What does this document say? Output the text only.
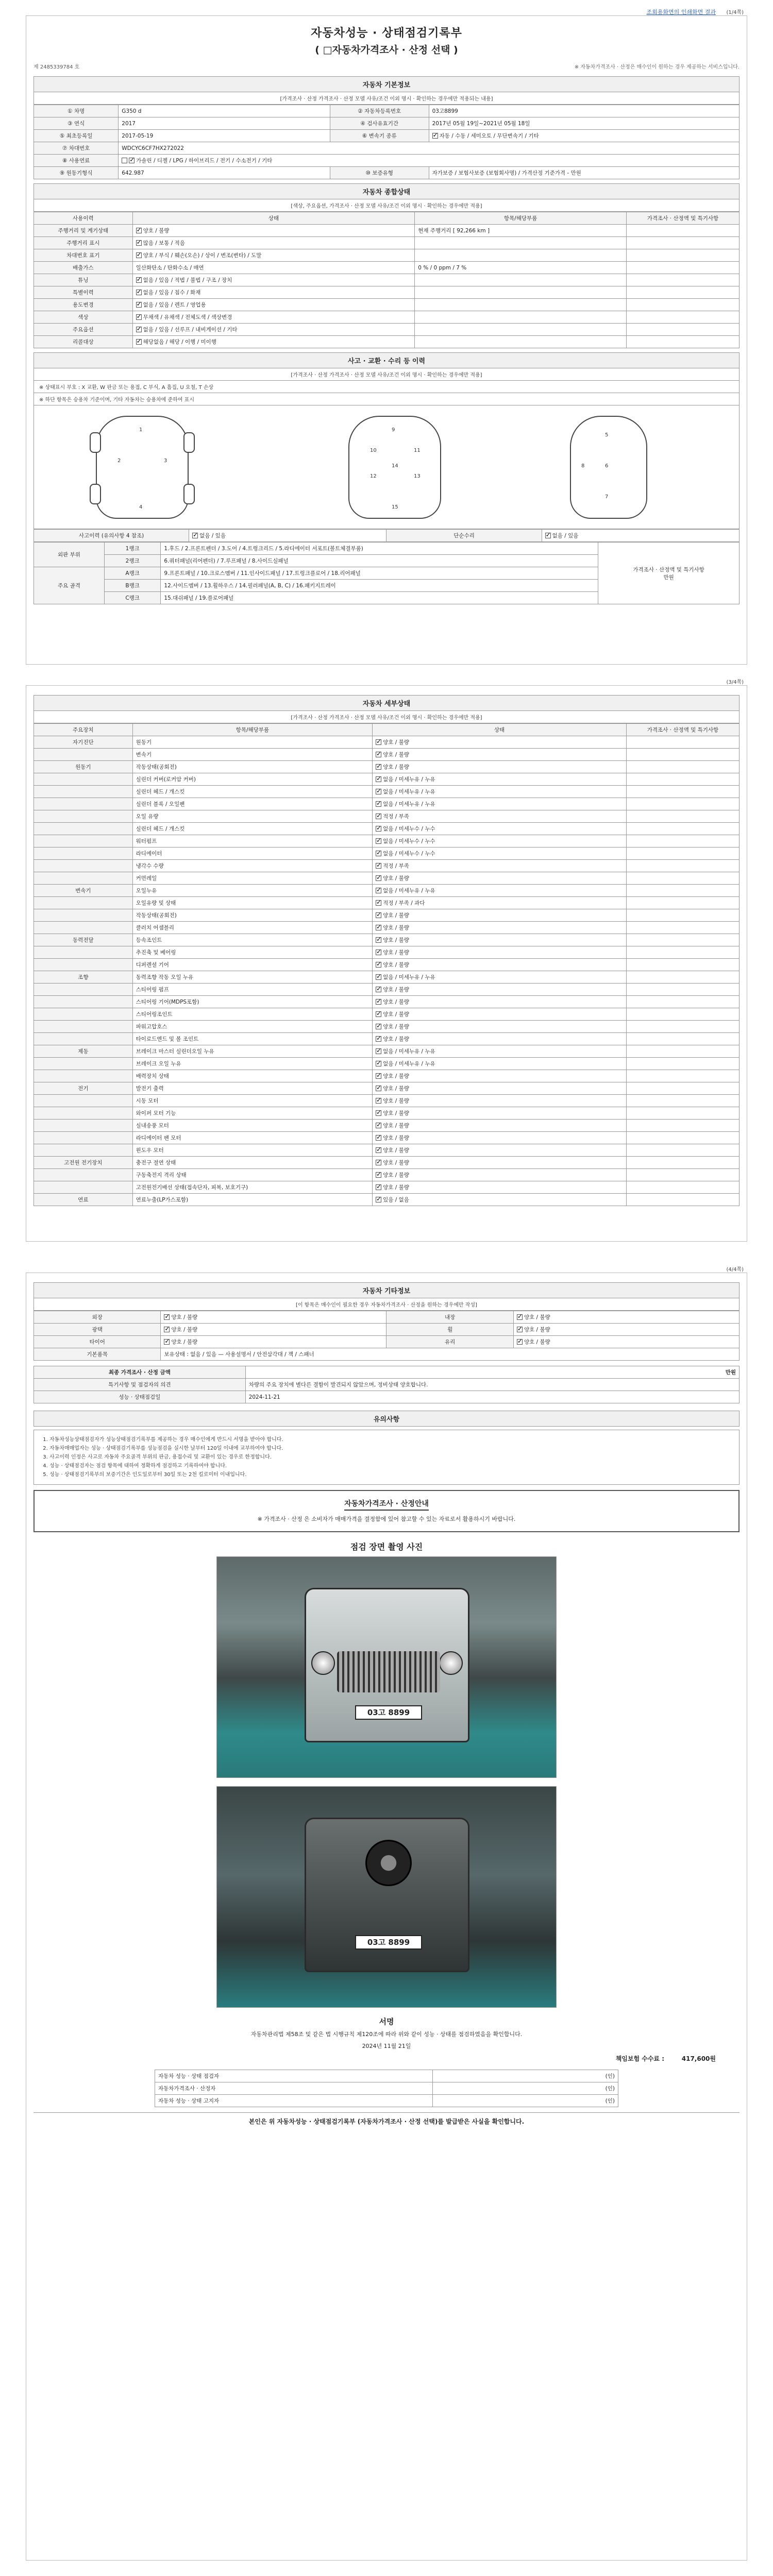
조회용화면의 인쇄화면 결과 (1/4쪽)
자동차성능 · 상태점검기록부
( □자동차가격조사 · 산정 선택 )
제 2485339784 호	※ 자동차가격조사 · 산정은 매수인이 원하는 경우 제공하는 서비스입니다.
자동차 기본정보
[가격조사 · 산정 가격조사 · 산정 모델 사유/조건 이외 명시 · 확인하는 경우에만 적용되는 내용]
① 차명	G350 d	② 자동차등록번호	03고8899
③ 연식	2017	④ 검사유효기간	2017년 05월 19일~2021년 05월 18일
⑤ 최초등록일	2017-05-19	⑥ 변속기 종류	✓자동 / 수동 / 세미오토 / 무단변속기 / 기타
⑦ 차대번호	WDCYC6CF7HX272022		
⑧ 사용연료	✓가솔린 / 디젤 / LPG / 하이브리드 / 전기 / 수소전기 / 기타
⑨ 원동기형식	642.987	⑩ 보증유형	자가보증 / 보험사보증 (보험회사명) / 가격산정 기준가격 - 만원
자동차 종합상태
[색상, 주요옵션, 가격조사 · 산정 모델 사유/조건 이외 명시 · 확인하는 경우에만 적용]
사용이력	상태	항목/해당부품	가격조사 · 산정액 및 특기사항
주행거리 및 계기상태	✓양호 / 불량	현재 주행거리 [ 92,266 km ]	
주행거리 표시	✓많음 / 보통 / 적음		
차대번호 표기	✓양호 / 부식 / 훼손(오손) / 상이 / 변조(변타) / 도말		
배출가스	일산화탄소 / 탄화수소 / 매연	0 % / 0 ppm / 7 %	
튜닝	✓없음 / 있음 / 적법 / 불법 / 구조 / 장치		
특별이력	✓없음 / 있음 / 침수 / 화재		
용도변경	✓없음 / 있음 / 렌트 / 영업용		
색상	✓무채색 / 유채색 / 전체도색 / 색상변경		
주요옵션	✓없음 / 있음 / 선루프 / 내비게이션 / 기타		
리콜대상	✓해당없음 / 해당 / 이행 / 미이행		
사고 · 교환 · 수리 등 이력
[가격조사 · 산정 가격조사 · 산정 모델 사유/조건 이외 명시 · 확인하는 경우에만 적용]
※ 상태표시 부호 : X 교환, W 판금 또는 용접, C 부식, A 흠집, U 요철, T 손상
※ 하단 항목은 승용차 기준이며, 기타 자동차는 승용차에 준하여 표시
1
2	3
4
9
10	11
12	13
14
15
5
6
7
8
사고이력 (유의사항 4 참조)	✓없음 / 있음	단순수리	✓없음 / 있음
외판 부위	1랭크	1.후드 / 2.프론트펜더 / 3.도어 / 4.트렁크리드 / 5.라디에이터 서포트(볼트체결부품)	가격조사 · 산정액 및 특기사항
만원

	2랭크	6.쿼터패널(리어펜더) / 7.루프패널 / 8.사이드실패널	
주요 골격	A랭크	9.프론트패널 / 10.크로스멤버 / 11.인사이드패널 / 17.트렁크플로어 / 18.리어패널	
	B랭크	12.사이드멤버 / 13.휠하우스 / 14.필러패널(A, B, C) / 16.패키지트레이	
	C랭크	15.대쉬패널 / 19.플로어패널	
(3/4쪽)
자동차 세부상태
[가격조사 · 산정 가격조사 · 산정 모델 사유/조건 이외 명시 · 확인하는 경우에만 적용]
주요장치	항목/해당부품	상태	가격조사 · 산정액 및 특기사항
자기진단	원동기	✓양호 / 불량	
	변속기	✓양호 / 불량	
원동기	작동상태(공회전)	✓양호 / 불량	
	실린더 커버(로커암 커버)	✓없음 / 미세누유 / 누유	
	실린더 헤드 / 개스킷	✓없음 / 미세누유 / 누유	
	실린더 블록 / 오일팬	✓없음 / 미세누유 / 누유	
	오일 유량	✓적정 / 부족	
	실린더 헤드 / 개스킷	✓없음 / 미세누수 / 누수	
	워터펌프	✓없음 / 미세누수 / 누수	
	라디에이터	✓없음 / 미세누수 / 누수	
	냉각수 수량	✓적정 / 부족	
	커먼레일	✓양호 / 불량	
변속기	오일누유	✓없음 / 미세누유 / 누유	
	오일유량 및 상태	✓적정 / 부족 / 과다	
	작동상태(공회전)	✓양호 / 불량	
	클러치 어셈블리	✓양호 / 불량	
동력전달	등속조인트	✓양호 / 불량	
	추진축 및 베어링	✓양호 / 불량	
	디퍼렌셜 기어	✓양호 / 불량	
조향	동력조향 작동 오일 누유	✓없음 / 미세누유 / 누유	
	스티어링 펌프	✓양호 / 불량	
	스티어링 기어(MDPS포함)	✓양호 / 불량	
	스티어링조인트	✓양호 / 불량	
	파워고압호스	✓양호 / 불량	
	타이로드엔드 및 볼 조인트	✓양호 / 불량	
제동	브레이크 마스터 실린더오일 누유	✓없음 / 미세누유 / 누유	
	브레이크 오일 누유	✓없음 / 미세누유 / 누유	
	배력장치 상태	✓양호 / 불량	
전기	발전기 출력	✓양호 / 불량	
	시동 모터	✓양호 / 불량	
	와이퍼 모터 기능	✓양호 / 불량	
	실내송풍 모터	✓양호 / 불량	
	라디에이터 팬 모터	✓양호 / 불량	
	윈도우 모터	✓양호 / 불량	
고전원 전기장치	충전구 절연 상태	✓양호 / 불량	
	구동축전지 격리 상태	✓양호 / 불량	
	고전원전기배선 상태(접속단자, 피복, 보호기구)	✓양호 / 불량	
연료	연료누출(LP가스포함)	✓있음 / 없음	
(4/4쪽)
자동차 기타정보
[이 항목은 매수인이 필요한 경우 자동차가격조사 · 산정을 원하는 경우에만 작성]
외장	✓양호 / 불량	내장	✓양호 / 불량
광택	✓양호 / 불량	휠	✓양호 / 불량
타이어	✓양호 / 불량	유리	✓양호 / 불량
기본품목	보유상태 : 없음 / 있음 — 사용설명서 / 안전삼각대 / 잭 / 스패너		
최종 가격조사 · 산정 금액	만원
특기사항 및 점검자의 의견	차량의 주요 장치에 별다른 결함이 발견되지 않았으며, 정비상태 양호합니다.
성능 · 상태점검일	2024-11-21
유의사항
1. 자동차성능상태점검자가 성능상태점검기록부를 제공하는 경우 매수인에게 반드시 서명을 받아야 합니다.
2. 자동차매매업자는 성능 · 상태점검기록부를 성능점검을 실시한 날부터 120일 이내에 교부하여야 합니다.
3. 사고이력 인정은 사고로 자동차 주요골격 부위의 판금, 용접수리 및 교환이 있는 경우로 한정합니다.
4. 성능 · 상태점검자는 점검 항목에 대하여 정확하게 점검하고 기록하여야 합니다.
5. 성능 · 상태점검기록부의 보증기간은 인도일로부터 30일 또는 2천 킬로미터 이내입니다.
자동차가격조사 · 산정안내
※ 가격조사 · 산정 은 소비자가 매매가격을 결정함에 있어 참고할 수 있는 자료로서 활용하시기 바랍니다.
점검 장면 촬영 사진
03고 8899
03고 8899
서명
자동차관리법 제58조 및 같은 법 시행규칙 제120조에 따라 위와 같이 성능 · 상태를 점검하였음을 확인합니다.
2024년 11월 21일
책임보험 수수료 :	417,600원
자동차 성능 · 상태 점검자	(인)
자동차가격조사 · 산정자	(인)
자동차 성능 · 상태 고지자	(인)
본인은 위 자동차성능 · 상태점검기록부 (자동차가격조사 · 산정 선택)를 발급받은 사실을 확인합니다.
